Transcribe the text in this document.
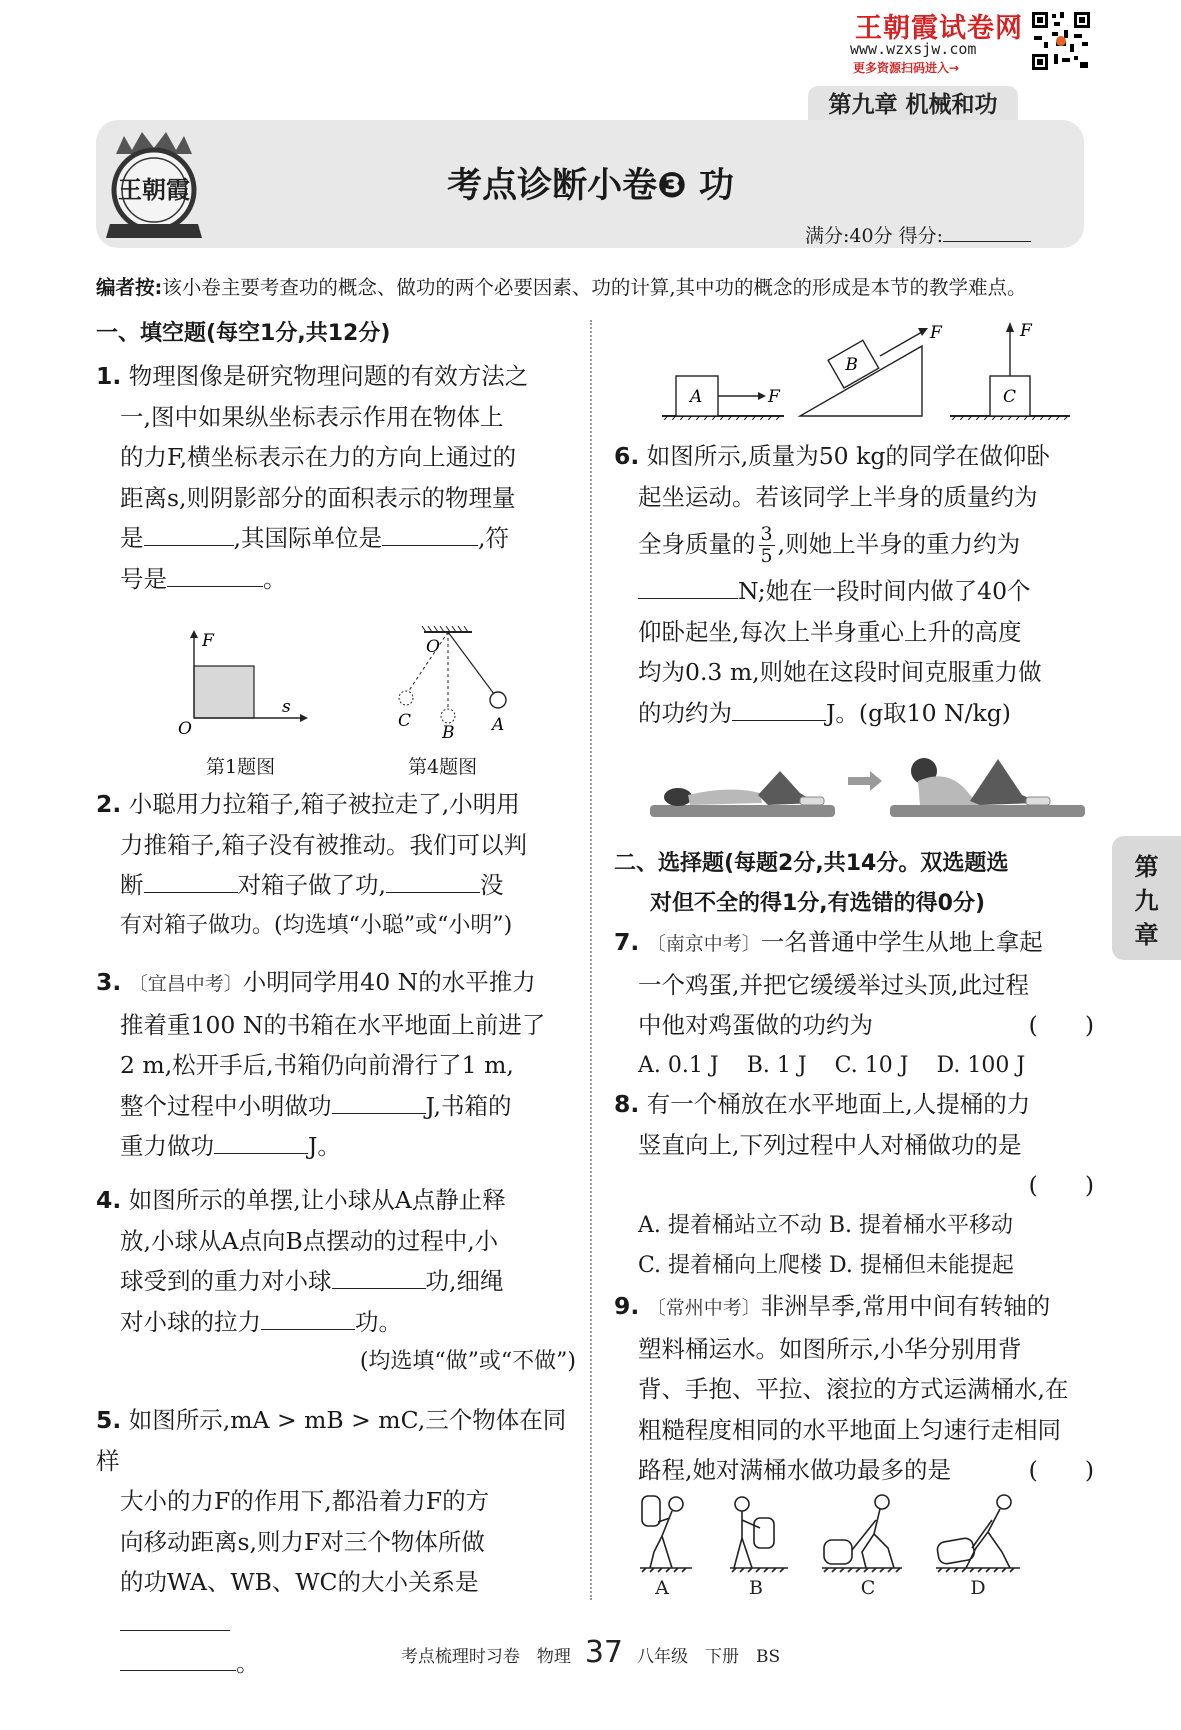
王朝霞试卷网
www.wzxsjw.com
更多资源扫码进入→
第九章 机械和功
王朝霞	考点诊断小卷❸ 功
满分:40分 得分:
编者按:该小卷主要考查功的概念、做功的两个必要因素、功的计算,其中功的概念的形成是本节的教学难点。
一、填空题(每空1分,共12分)

1. 物理图像是研究物理问题的有效方法之

一,图中如果纵坐标表示作用在物体上

的力F,横坐标表示在力的方向上通过的

距离s,则阴影部分的面积表示的物理量

是	,其国际单位是	,符

号是	。

F
O
s
第1题图
O
C
B A
第4题图

2. 小聪用力拉箱子,箱子被拉走了,小明用

力推箱子,箱子没有被推动。我们可以判

断	对箱子做了功,	没

有对箱子做功。(均选填“小聪”或“小明”)

3. 〔宜昌中考〕小明同学用40 N的水平推力

推着重100 N的书箱在水平地面上前进了

2 m,松开手后,书箱仍向前滑行了1 m,

整个过程中小明做功	J,书箱的

重力做功	J。

4. 如图所示的单摆,让小球从A点静止释

放,小球从A点向B点摆动的过程中,小

球受到的重力对小球	功,细绳

对小球的拉力	功。

(均选填“做”或“不做”)

5. 如图所示,mA > mB > mC,三个物体在同样

大小的力F的作用下,都沿着力F的方

向移动距离s,则力F对三个物体所做

的功WA、WB、WC的大小关系是

。

A	F
B
F
C
F

6. 如图所示,质量为50 kg的同学在做仰卧

起坐运动。若该同学上半身的质量约为

全身质量的 $\frac{3}{5}$ ,则她上半身的重力约为

N;她在一段时间内做了40个

仰卧起坐,每次上半身重心上升的高度

均为0.3 m,则她在这段时间克服重力做

的功约为	J。(g取10 N/kg)

二、选择题(每题2分,共14分。双选题选
对但不全的得1分,有选错的得0分)

7. 〔南京中考〕一名普通中学生从地上拿起

一个鸡蛋,并把它缓缓举过头顶,此过程

中他对鸡蛋做的功约为	(　　)

A. 0.1 J B. 1 J C. 10 J D. 100 J

8. 有一个桶放在水平地面上,人提桶的力

竖直向上,下列过程中人对桶做功的是

(　　)

A. 提着桶站立不动 B. 提着桶水平移动

C. 提着桶向上爬楼 D. 提桶但未能提起

9. 〔常州中考〕非洲旱季,常用中间有转轴的

塑料桶运水。如图所示,小华分别用背

背、手抱、平拉、滚拉的方式运满桶水,在

粗糙程度相同的水平地面上匀速行走相同

路程,她对满桶水做功最多的是	(　　)

A	B	C	D
第
九
章
考点梳理时习卷　物理 37 八年级　下册　BS
